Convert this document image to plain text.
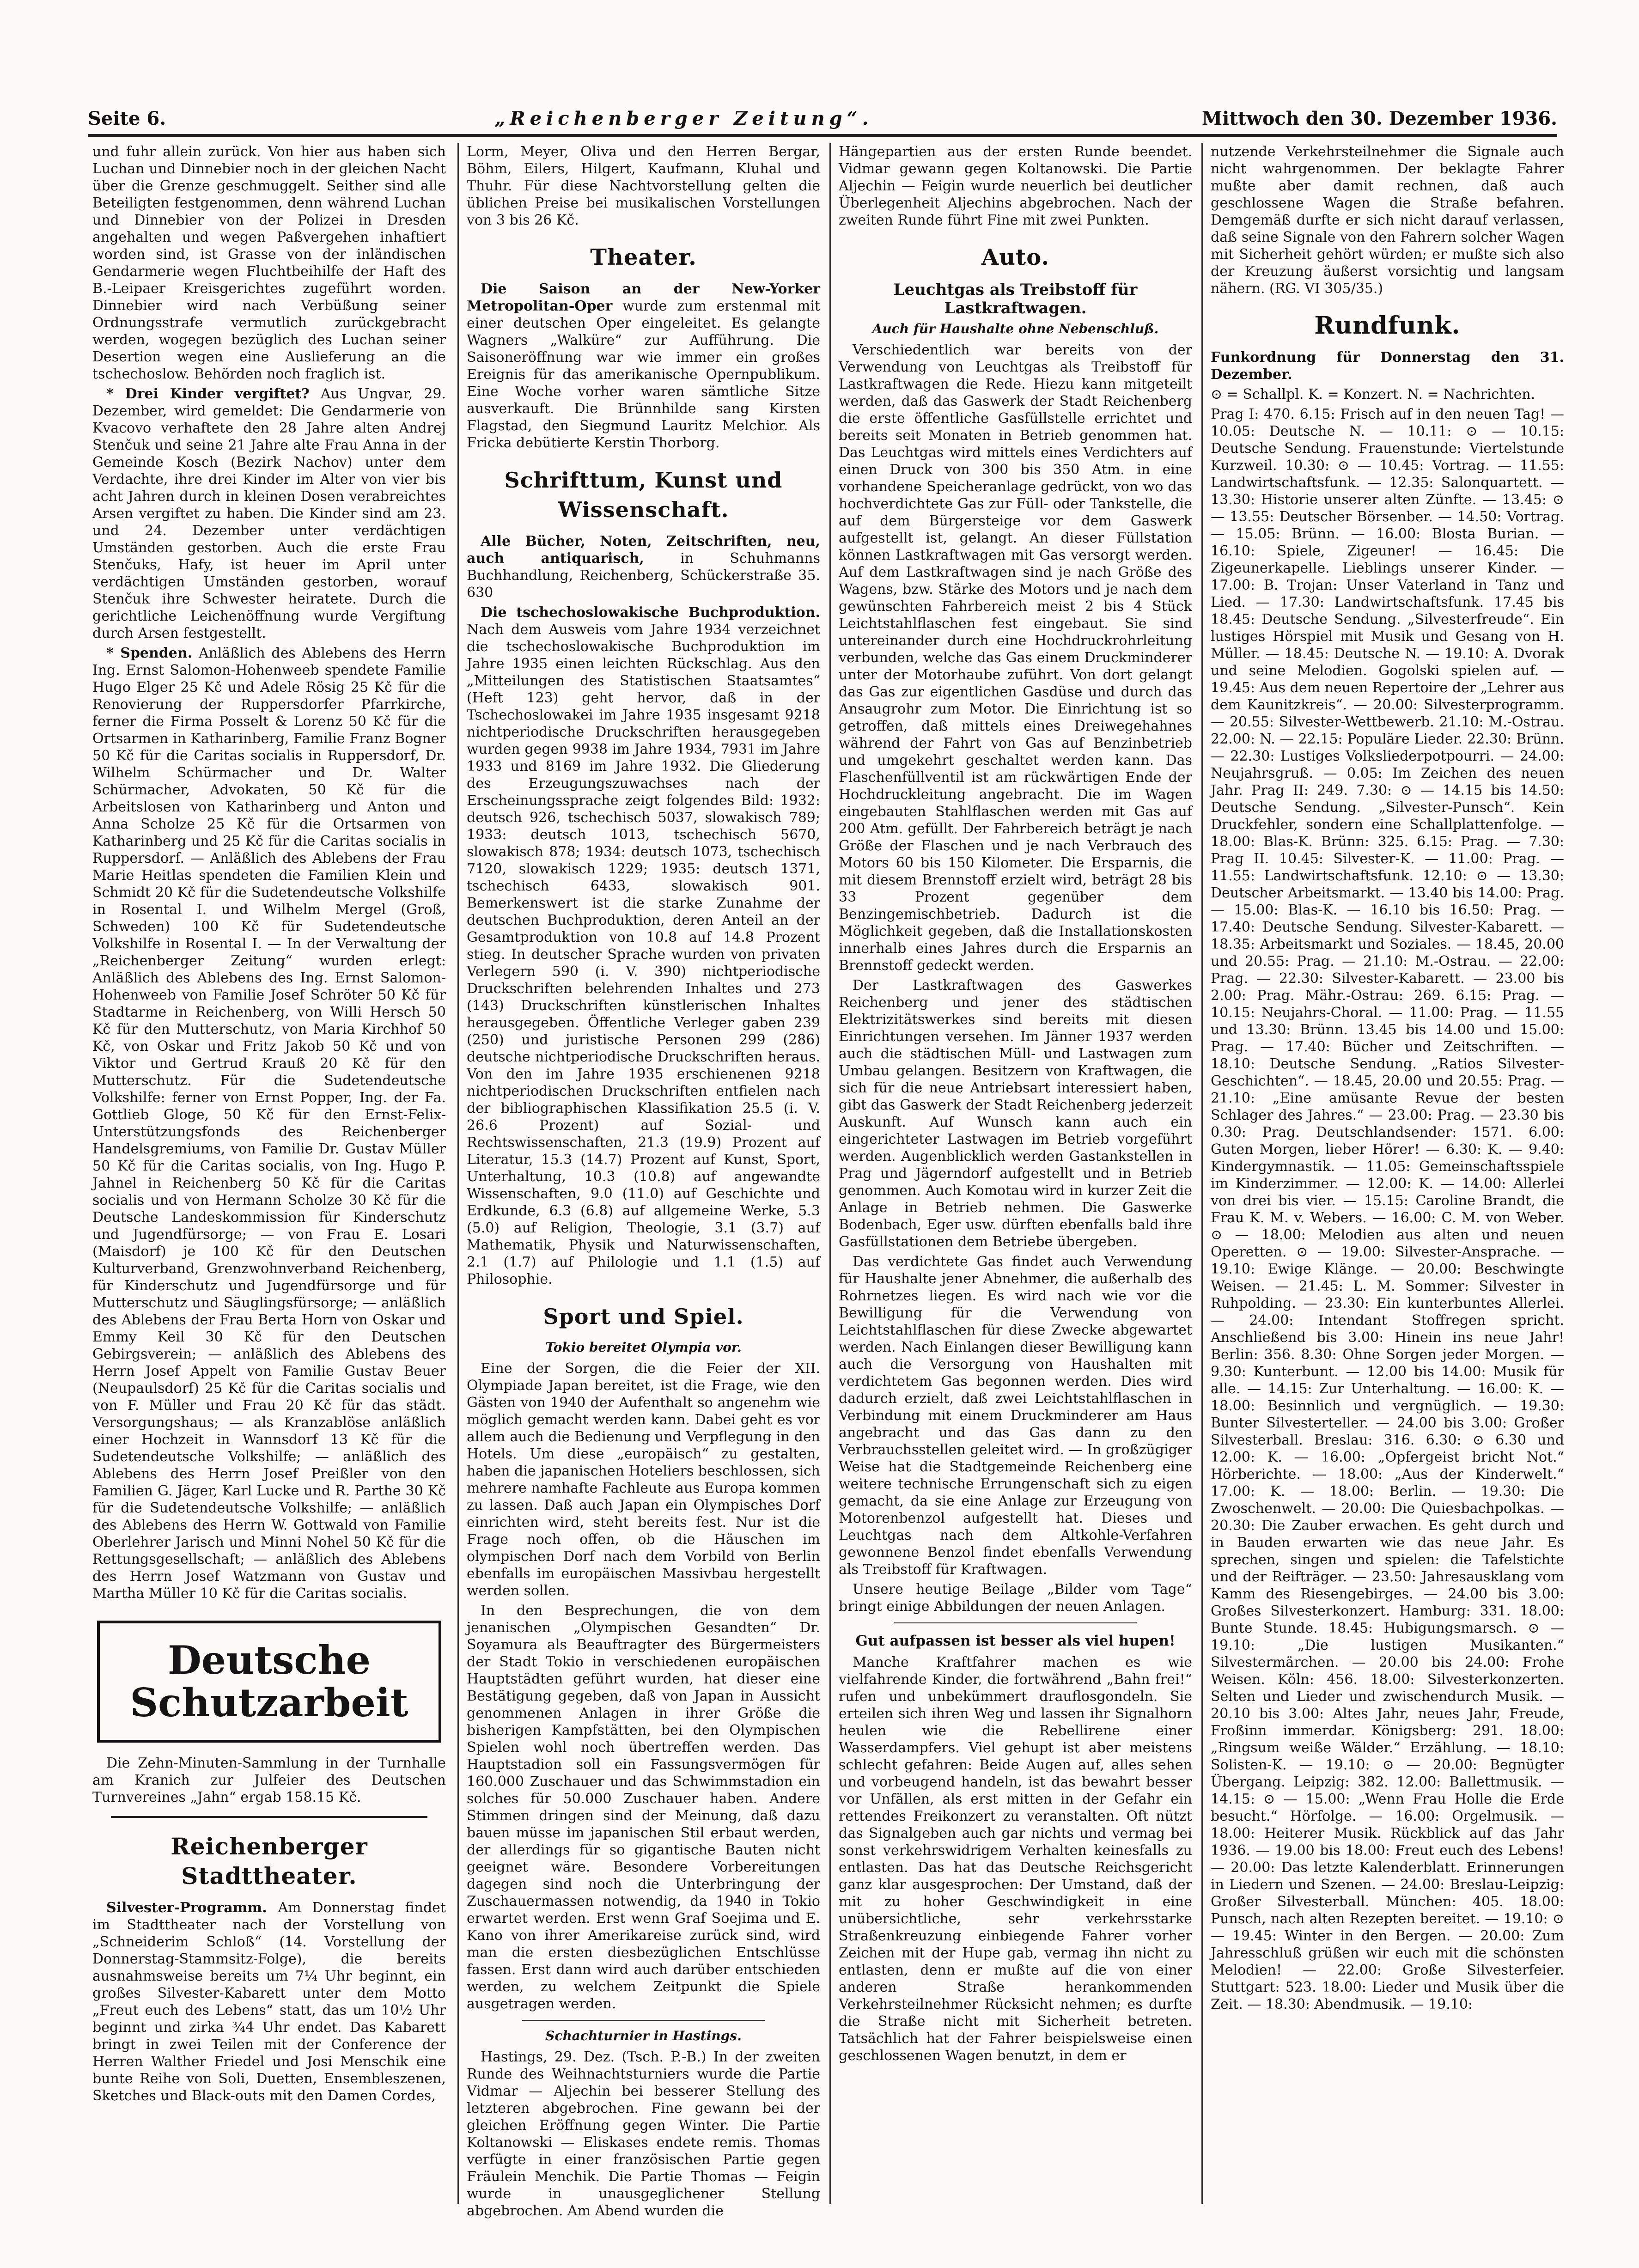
Seite 6.	„Reichenberger Zeitung“.	Mittwoch den 30. Dezember 1936.

und fuhr allein zurück. Von hier aus haben sich Luchan und Dinnebier noch in der gleichen Nacht über die Grenze geschmuggelt. Seither sind alle Beteiligten festgenommen, denn während Luchan und Dinnebier von der Polizei in Dresden angehalten und wegen Paßvergehen inhaftiert worden sind, ist Grasse von der inländischen Gendarmerie wegen Fluchtbeihilfe der Haft des B.-Leipaer Kreisgerichtes zugeführt worden. Dinnebier wird nach Verbüßung seiner Ordnungsstrafe vermutlich zurückgebracht werden, wogegen bezüglich des Luchan seiner Desertion wegen eine Auslieferung an die tschechoslow. Behörden noch fraglich ist.

* Drei Kinder vergiftet? Aus Ungvar, 29. Dezember, wird gemeldet: Die Gendarmerie von Kvacovo verhaftete den 28 Jahre alten Andrej Stenčuk und seine 21 Jahre alte Frau Anna in der Gemeinde Kosch (Bezirk Nachov) unter dem Verdachte, ihre drei Kinder im Alter von vier bis acht Jahren durch in kleinen Dosen verabreichtes Arsen vergiftet zu haben. Die Kinder sind am 23. und 24. Dezember unter verdächtigen Umständen gestorben. Auch die erste Frau Stenčuks, Hafy, ist heuer im April unter verdächtigen Umständen gestorben, worauf Stenčuk ihre Schwester heiratete. Durch die gerichtliche Leichenöffnung wurde Vergiftung durch Arsen festgestellt.

* Spenden. Anläßlich des Ablebens des Herrn Ing. Ernst Salomon-Hohenweeb spendete Familie Hugo Elger 25 Kč und Adele Rösig 25 Kč für die Renovierung der Ruppersdorfer Pfarrkirche, ferner die Firma Posselt & Lorenz 50 Kč für die Ortsarmen in Katharinberg, Familie Franz Bogner 50 Kč für die Caritas socialis in Ruppersdorf, Dr. Wilhelm Schürmacher und Dr. Walter Schürmacher, Advokaten, 50 Kč für die Arbeitslosen von Katharinberg und Anton und Anna Scholze 25 Kč für die Ortsarmen von Katharinberg und 25 Kč für die Caritas socialis in Ruppersdorf. — Anläßlich des Ablebens der Frau Marie Heitlas spendeten die Familien Klein und Schmidt 20 Kč für die Sudetendeutsche Volkshilfe in Rosental I. und Wilhelm Mergel (Groß, Schweden) 100 Kč für Sudetendeutsche Volkshilfe in Rosental I. — In der Verwaltung der „Reichenberger Zeitung“ wurden erlegt: Anläßlich des Ablebens des Ing. Ernst Salomon-Hohenweeb von Familie Josef Schröter 50 Kč für Stadtarme in Reichenberg, von Willi Hersch 50 Kč für den Mutterschutz, von Maria Kirchhof 50 Kč, von Oskar und Fritz Jakob 50 Kč und von Viktor und Gertrud Krauß 20 Kč für den Mutterschutz. Für die Sudetendeutsche Volkshilfe: ferner von Ernst Popper, Ing. der Fa. Gottlieb Gloge, 50 Kč für den Ernst-Felix-Unterstützungsfonds des Reichenberger Handelsgremiums, von Familie Dr. Gustav Müller 50 Kč für die Caritas socialis, von Ing. Hugo P. Jahnel in Reichenberg 50 Kč für die Caritas socialis und von Hermann Scholze 30 Kč für die Deutsche Landeskommission für Kinderschutz und Jugendfürsorge; — von Frau E. Losari (Maisdorf) je 100 Kč für den Deutschen Kulturverband, Grenzwohnverband Reichenberg, für Kinderschutz und Jugendfürsorge und für Mutterschutz und Säuglingsfürsorge; — anläßlich des Ablebens der Frau Berta Horn von Oskar und Emmy Keil 30 Kč für den Deutschen Gebirgsverein; — anläßlich des Ablebens des Herrn Josef Appelt von Familie Gustav Beuer (Neupaulsdorf) 25 Kč für die Caritas socialis und von F. Müller und Frau 20 Kč für das städt. Versorgungshaus; — als Kranzablöse anläßlich einer Hochzeit in Wannsdorf 13 Kč für die Sudetendeutsche Volkshilfe; — anläßlich des Ablebens des Herrn Josef Preißler von den Familien G. Jäger, Karl Lucke und R. Parthe 30 Kč für die Sudetendeutsche Volkshilfe; — anläßlich des Ablebens des Herrn W. Gottwald von Familie Oberlehrer Jarisch und Minni Nohel 50 Kč für die Rettungsgesellschaft; — anläßlich des Ablebens des Herrn Josef Watzmann von Gustav und Martha Müller 10 Kč für die Caritas socialis.

Deutsche Schutzarbeit

Die Zehn-Minuten-Sammlung in der Turnhalle am Kranich zur Julfeier des Deutschen Turnvereines „Jahn“ ergab 158.15 Kč.

Reichenberger Stadttheater.

Silvester-Programm. Am Donnerstag findet im Stadttheater nach der Vorstellung von „Schneiderim Schloß“ (14. Vorstellung der Donnerstag-Stammsitz-Folge), die bereits ausnahmsweise bereits um 7¼ Uhr beginnt, ein großes Silvester-Kabarett unter dem Motto „Freut euch des Lebens“ statt, das um 10½ Uhr beginnt und zirka ¾4 Uhr endet. Das Kabarett bringt in zwei Teilen mit der Conference der Herren Walther Friedel und Josi Menschik eine bunte Reihe von Soli, Duetten, Ensembleszenen, Sketches und Black-outs mit den Damen Cordes,

Lorm, Meyer, Oliva und den Herren Bergar, Böhm, Eilers, Hilgert, Kaufmann, Kluhal und Thuhr. Für diese Nachtvorstellung gelten die üblichen Preise bei musikalischen Vorstellungen von 3 bis 26 Kč.

Theater.

Die Saison an der New-Yorker Metropolitan-Oper wurde zum erstenmal mit einer deutschen Oper eingeleitet. Es gelangte Wagners „Walküre“ zur Aufführung. Die Saisoneröffnung war wie immer ein großes Ereignis für das amerikanische Opernpublikum. Eine Woche vorher waren sämtliche Sitze ausverkauft. Die Brünnhilde sang Kirsten Flagstad, den Siegmund Lauritz Melchior. Als Fricka debütierte Kerstin Thorborg.

Schrifttum, Kunst und Wissenschaft.

Alle Bücher, Noten, Zeitschriften, neu, auch antiquarisch, in Schuhmanns Buchhandlung, Reichenberg, Schückerstraße 35. 630

Die tschechoslowakische Buchproduktion. Nach dem Ausweis vom Jahre 1934 verzeichnet die tschechoslowakische Buchproduktion im Jahre 1935 einen leichten Rückschlag. Aus den „Mitteilungen des Statistischen Staatsamtes“ (Heft 123) geht hervor, daß in der Tschechoslowakei im Jahre 1935 insgesamt 9218 nichtperiodische Druckschriften herausgegeben wurden gegen 9938 im Jahre 1934, 7931 im Jahre 1933 und 8169 im Jahre 1932. Die Gliederung des Erzeugungszuwachses nach der Erscheinungssprache zeigt folgendes Bild: 1932: deutsch 926, tschechisch 5037, slowakisch 789; 1933: deutsch 1013, tschechisch 5670, slowakisch 878; 1934: deutsch 1073, tschechisch 7120, slowakisch 1229; 1935: deutsch 1371, tschechisch 6433, slowakisch 901. Bemerkenswert ist die starke Zunahme der deutschen Buchproduktion, deren Anteil an der Gesamtproduktion von 10.8 auf 14.8 Prozent stieg. In deutscher Sprache wurden von privaten Verlegern 590 (i. V. 390) nichtperiodische Druckschriften belehrenden Inhaltes und 273 (143) Druckschriften künstlerischen Inhaltes herausgegeben. Öffentliche Verleger gaben 239 (250) und juristische Personen 299 (286) deutsche nichtperiodische Druckschriften heraus. Von den im Jahre 1935 erschienenen 9218 nichtperiodischen Druckschriften entfielen nach der bibliographischen Klassifikation 25.5 (i. V. 26.6 Prozent) auf Sozial- und Rechtswissenschaften, 21.3 (19.9) Prozent auf Literatur, 15.3 (14.7) Prozent auf Kunst, Sport, Unterhaltung, 10.3 (10.8) auf angewandte Wissenschaften, 9.0 (11.0) auf Geschichte und Erdkunde, 6.3 (6.8) auf allgemeine Werke, 5.3 (5.0) auf Religion, Theologie, 3.1 (3.7) auf Mathematik, Physik und Naturwissenschaften, 2.1 (1.7) auf Philologie und 1.1 (1.5) auf Philosophie.

Sport und Spiel.
Tokio bereitet Olympia vor.

Eine der Sorgen, die die Feier der XII. Olympiade Japan bereitet, ist die Frage, wie den Gästen von 1940 der Aufenthalt so angenehm wie möglich gemacht werden kann. Dabei geht es vor allem auch die Bedienung und Verpflegung in den Hotels. Um diese „europäisch“ zu gestalten, haben die japanischen Hoteliers beschlossen, sich mehrere namhafte Fachleute aus Europa kommen zu lassen. Daß auch Japan ein Olympisches Dorf einrichten wird, steht bereits fest. Nur ist die Frage noch offen, ob die Häuschen im olympischen Dorf nach dem Vorbild von Berlin ebenfalls im europäischen Massivbau hergestellt werden sollen.

In den Besprechungen, die von dem jenanischen „Olympischen Gesandten“ Dr. Soyamura als Beauftragter des Bürgermeisters der Stadt Tokio in verschiedenen europäischen Hauptstädten geführt wurden, hat dieser eine Bestätigung gegeben, daß von Japan in Aussicht genommenen Anlagen in ihrer Größe die bisherigen Kampfstätten, bei den Olympischen Spielen wohl noch übertreffen werden. Das Hauptstadion soll ein Fassungsvermögen für 160.000 Zuschauer und das Schwimmstadion ein solches für 50.000 Zuschauer haben. Andere Stimmen dringen sind der Meinung, daß dazu bauen müsse im japanischen Stil erbaut werden, der allerdings für so gigantische Bauten nicht geeignet wäre. Besondere Vorbereitungen dagegen sind noch die Unterbringung der Zuschauermassen notwendig, da 1940 in Tokio erwartet werden. Erst wenn Graf Soejima und E. Kano von ihrer Amerikareise zurück sind, wird man die ersten diesbezüglichen Entschlüsse fassen. Erst dann wird auch darüber entschieden werden, zu welchem Zeitpunkt die Spiele ausgetragen werden.

Schachturnier in Hastings.

Hastings, 29. Dez. (Tsch. P.-B.) In der zweiten Runde des Weihnachtsturniers wurde die Partie Vidmar — Aljechin bei besserer Stellung des letzteren abgebrochen. Fine gewann bei der gleichen Eröffnung gegen Winter. Die Partie Koltanowski — Eliskases endete remis. Thomas verfügte in einer französischen Partie gegen Fräulein Menchik. Die Partie Thomas — Feigin wurde in unausgeglichener Stellung abgebrochen. Am Abend wurden die

Hängepartien aus der ersten Runde beendet. Vidmar gewann gegen Koltanowski. Die Partie Aljechin — Feigin wurde neuerlich bei deutlicher Überlegenheit Aljechins abgebrochen. Nach der zweiten Runde führt Fine mit zwei Punkten.

Auto.
Leuchtgas als Treibstoff für Lastkraftwagen.
Auch für Haushalte ohne Nebenschluß.

Verschiedentlich war bereits von der Verwendung von Leuchtgas als Treibstoff für Lastkraftwagen die Rede. Hiezu kann mitgeteilt werden, daß das Gaswerk der Stadt Reichenberg die erste öffentliche Gasfüllstelle errichtet und bereits seit Monaten in Betrieb genommen hat. Das Leuchtgas wird mittels eines Verdichters auf einen Druck von 300 bis 350 Atm. in eine vorhandene Speicheranlage gedrückt, von wo das hochverdichtete Gas zur Füll- oder Tankstelle, die auf dem Bürgersteige vor dem Gaswerk aufgestellt ist, gelangt. An dieser Füllstation können Lastkraftwagen mit Gas versorgt werden. Auf dem Lastkraftwagen sind je nach Größe des Wagens, bzw. Stärke des Motors und je nach dem gewünschten Fahrbereich meist 2 bis 4 Stück Leichtstahlflaschen fest eingebaut. Sie sind untereinander durch eine Hochdruckrohrleitung verbunden, welche das Gas einem Druckminderer unter der Motorhaube zuführt. Von dort gelangt das Gas zur eigentlichen Gasdüse und durch das Ansaugrohr zum Motor. Die Einrichtung ist so getroffen, daß mittels eines Dreiwegehahnes während der Fahrt von Gas auf Benzinbetrieb und umgekehrt geschaltet werden kann. Das Flaschenfüllventil ist am rückwärtigen Ende der Hochdruckleitung angebracht. Die im Wagen eingebauten Stahlflaschen werden mit Gas auf 200 Atm. gefüllt. Der Fahrbereich beträgt je nach Größe der Flaschen und je nach Verbrauch des Motors 60 bis 150 Kilometer. Die Ersparnis, die mit diesem Brennstoff erzielt wird, beträgt 28 bis 33 Prozent gegenüber dem Benzingemischbetrieb. Dadurch ist die Möglichkeit gegeben, daß die Installationskosten innerhalb eines Jahres durch die Ersparnis an Brennstoff gedeckt werden.

Der Lastkraftwagen des Gaswerkes Reichenberg und jener des städtischen Elektrizitätswerkes sind bereits mit diesen Einrichtungen versehen. Im Jänner 1937 werden auch die städtischen Müll- und Lastwagen zum Umbau gelangen. Besitzern von Kraftwagen, die sich für die neue Antriebsart interessiert haben, gibt das Gaswerk der Stadt Reichenberg jederzeit Auskunft. Auf Wunsch kann auch ein eingerichteter Lastwagen im Betrieb vorgeführt werden. Augenblicklich werden Gastankstellen in Prag und Jägerndorf aufgestellt und in Betrieb genommen. Auch Komotau wird in kurzer Zeit die Anlage in Betrieb nehmen. Die Gaswerke Bodenbach, Eger usw. dürften ebenfalls bald ihre Gasfüllstationen dem Betriebe übergeben.

Das verdichtete Gas findet auch Verwendung für Haushalte jener Abnehmer, die außerhalb des Rohrnetzes liegen. Es wird nach wie vor die Bewilligung für die Verwendung von Leichtstahlflaschen für diese Zwecke abgewartet werden. Nach Einlangen dieser Bewilligung kann auch die Versorgung von Haushalten mit verdichtetem Gas begonnen werden. Dies wird dadurch erzielt, daß zwei Leichtstahlflaschen in Verbindung mit einem Druckminderer am Haus angebracht und das Gas dann zu den Verbrauchsstellen geleitet wird. — In großzügiger Weise hat die Stadtgemeinde Reichenberg eine weitere technische Errungenschaft sich zu eigen gemacht, da sie eine Anlage zur Erzeugung von Motorenbenzol aufgestellt hat. Dieses und Leuchtgas nach dem Altkohle-Verfahren gewonnene Benzol findet ebenfalls Verwendung als Treibstoff für Kraftwagen.

Unsere heutige Beilage „Bilder vom Tage“ bringt einige Abbildungen der neuen Anlagen.

Gut aufpassen ist besser als viel hupen!

Manche Kraftfahrer machen es wie vielfahrende Kinder, die fortwährend „Bahn frei!“ rufen und unbekümmert drauflosgondeln. Sie erteilen sich ihren Weg und lassen ihr Signalhorn heulen wie die Rebellirene einer Wasserdampfers. Viel gehupt ist aber meistens schlecht gefahren: Beide Augen auf, alles sehen und vorbeugend handeln, ist das bewahrt besser vor Unfällen, als erst mitten in der Gefahr ein rettendes Freikonzert zu veranstalten. Oft nützt das Signalgeben auch gar nichts und vermag bei sonst verkehrswidrigem Verhalten keinesfalls zu entlasten. Das hat das Deutsche Reichsgericht ganz klar ausgesprochen: Der Umstand, daß der mit zu hoher Geschwindigkeit in eine unübersichtliche, sehr verkehrsstarke Straßenkreuzung einbiegende Fahrer vorher Zeichen mit der Hupe gab, vermag ihn nicht zu entlasten, denn er mußte auf die von einer anderen Straße herankommenden Verkehrsteilnehmer Rücksicht nehmen; es durfte die Straße nicht mit Sicherheit betreten. Tatsächlich hat der Fahrer beispielsweise einen geschlossenen Wagen benutzt, in dem er

nutzende Verkehrsteilnehmer die Signale auch nicht wahrgenommen. Der beklagte Fahrer mußte aber damit rechnen, daß auch geschlossene Wagen die Straße befahren. Demgemäß durfte er sich nicht darauf verlassen, daß seine Signale von den Fahrern solcher Wagen mit Sicherheit gehört würden; er mußte sich also der Kreuzung äußerst vorsichtig und langsam nähern. (RG. VI 305/35.)

Rundfunk.

Funkordnung für Donnerstag den 31. Dezember.

⊙ = Schallpl. K. = Konzert. N. = Nachrichten.

Prag I: 470. 6.15: Frisch auf in den neuen Tag! — 10.05: Deutsche N. — 10.11: ⊙ — 10.15: Deutsche Sendung. Frauenstunde: Viertelstunde Kurzweil. 10.30: ⊙ — 10.45: Vortrag. — 11.55: Landwirtschaftsfunk. — 12.35: Salonquartett. — 13.30: Historie unserer alten Zünfte. — 13.45: ⊙ — 13.55: Deutscher Börsenber. — 14.50: Vortrag. — 15.05: Brünn. — 16.00: Blosta Burian. — 16.10: Spiele, Zigeuner! — 16.45: Die Zigeunerkapelle. Lieblings unserer Kinder. — 17.00: B. Trojan: Unser Vaterland in Tanz und Lied. — 17.30: Landwirtschaftsfunk. 17.45 bis 18.45: Deutsche Sendung. „Silvesterfreude“. Ein lustiges Hörspiel mit Musik und Gesang von H. Müller. — 18.45: Deutsche N. — 19.10: A. Dvorak und seine Melodien. Gogolski spielen auf. — 19.45: Aus dem neuen Repertoire der „Lehrer aus dem Kaunitzkreis“. — 20.00: Silvesterprogramm. — 20.55: Silvester-Wettbewerb. 21.10: M.-Ostrau. 22.00: N. — 22.15: Populäre Lieder. 22.30: Brünn. — 22.30: Lustiges Volksliederpotpourri. — 24.00: Neujahrsgruß. — 0.05: Im Zeichen des neuen Jahr. Prag II: 249. 7.30: ⊙ — 14.15 bis 14.50: Deutsche Sendung. „Silvester-Punsch“. Kein Druckfehler, sondern eine Schallplattenfolge. — 18.00: Blas-K. Brünn: 325. 6.15: Prag. — 7.30: Prag II. 10.45: Silvester-K. — 11.00: Prag. — 11.55: Landwirtschaftsfunk. 12.10: ⊙ — 13.30: Deutscher Arbeitsmarkt. — 13.40 bis 14.00: Prag. — 15.00: Blas-K. — 16.10 bis 16.50: Prag. — 17.40: Deutsche Sendung. Silvester-Kabarett. — 18.35: Arbeitsmarkt und Soziales. — 18.45, 20.00 und 20.55: Prag. — 21.10: M.-Ostrau. — 22.00: Prag. — 22.30: Silvester-Kabarett. — 23.00 bis 2.00: Prag. Mähr.-Ostrau: 269. 6.15: Prag. — 10.15: Neujahrs-Choral. — 11.00: Prag. — 11.55 und 13.30: Brünn. 13.45 bis 14.00 und 15.00: Prag. — 17.40: Bücher und Zeitschriften. — 18.10: Deutsche Sendung. „Ratios Silvester-Geschichten“. — 18.45, 20.00 und 20.55: Prag. — 21.10: „Eine amüsante Revue der besten Schlager des Jahres.“ — 23.00: Prag. — 23.30 bis 0.30: Prag. Deutschlandsender: 1571. 6.00: Guten Morgen, lieber Hörer! — 6.30: K. — 9.40: Kindergymnastik. — 11.05: Gemeinschaftsspiele im Kinderzimmer. — 12.00: K. — 14.00: Allerlei von drei bis vier. — 15.15: Caroline Brandt, die Frau K. M. v. Webers. — 16.00: C. M. von Weber. ⊙ — 18.00: Melodien aus alten und neuen Operetten. ⊙ — 19.00: Silvester-Ansprache. — 19.10: Ewige Klänge. — 20.00: Beschwingte Weisen. — 21.45: L. M. Sommer: Silvester in Ruhpolding. — 23.30: Ein kunterbuntes Allerlei. — 24.00: Intendant Stoffregen spricht. Anschließend bis 3.00: Hinein ins neue Jahr! Berlin: 356. 8.30: Ohne Sorgen jeder Morgen. — 9.30: Kunterbunt. — 12.00 bis 14.00: Musik für alle. — 14.15: Zur Unterhaltung. — 16.00: K. — 18.00: Besinnlich und vergnüglich. — 19.30: Bunter Silvesterteller. — 24.00 bis 3.00: Großer Silvesterball. Breslau: 316. 6.30: ⊙ 6.30 und 12.00: K. — 16.00: „Opfergeist bricht Not.“ Hörberichte. — 18.00: „Aus der Kinderwelt.“ 17.00: K. — 18.00: Berlin. — 19.30: Die Zwoschenwelt. — 20.00: Die Quiesbachpolkas. — 20.30: Die Zauber erwachen. Es geht durch und in Bauden erwarten wie das neue Jahr. Es sprechen, singen und spielen: die Tafelstichte und der Reifträger. — 23.50: Jahresausklang vom Kamm des Riesengebirges. — 24.00 bis 3.00: Großes Silvesterkonzert. Hamburg: 331. 18.00: Bunte Stunde. 18.45: Hubigungsmarsch. ⊙ — 19.10: „Die lustigen Musikanten.“ Silvestermärchen. — 20.00 bis 24.00: Frohe Weisen. Köln: 456. 18.00: Silvesterkonzerten. Selten und Lieder und zwischendurch Musik. — 20.10 bis 3.00: Altes Jahr, neues Jahr, Freude, Froßinn immerdar. Königsberg: 291. 18.00: „Ringsum weiße Wälder.“ Erzählung. — 18.10: Solisten-K. — 19.10: ⊙ — 20.00: Begnügter Übergang. Leipzig: 382. 12.00: Ballettmusik. — 14.15: ⊙ — 15.00: „Wenn Frau Holle die Erde besucht.“ Hörfolge. — 16.00: Orgelmusik. — 18.00: Heiterer Musik. Rückblick auf das Jahr 1936. — 19.00 bis 18.00: Freut euch des Lebens! — 20.00: Das letzte Kalenderblatt. Erinnerungen in Liedern und Szenen. — 24.00: Breslau-Leipzig: Großer Silvesterball. München: 405. 18.00: Punsch, nach alten Rezepten bereitet. — 19.10: ⊙ — 19.45: Winter in den Bergen. — 20.00: Zum Jahresschluß grüßen wir euch mit die schönsten Melodien! — 22.00: Große Silvesterfeier. Stuttgart: 523. 18.00: Lieder und Musik über die Zeit. — 18.30: Abendmusik. — 19.10:
